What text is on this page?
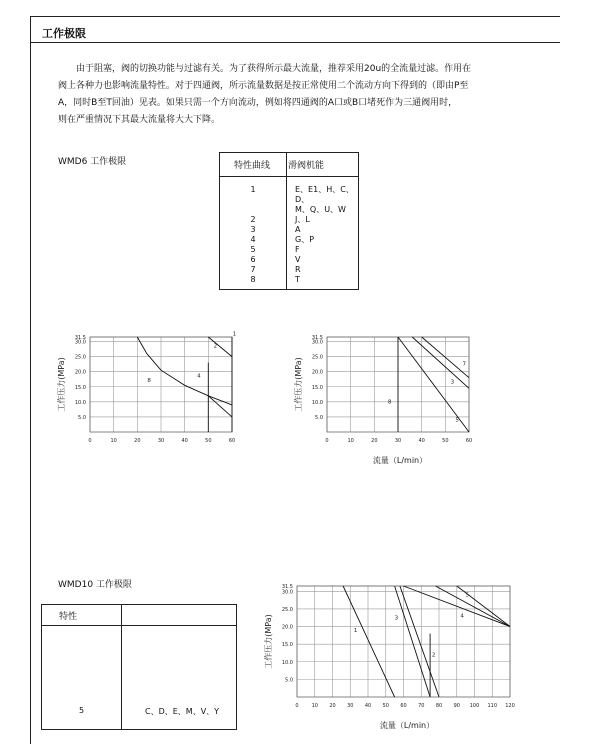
工作极限
由于阻塞，阀的切换功能与过滤有关。为了获得所示最大流量，推荐采用20u的全流量过滤。作用在
阀上各种力也影响流量特性。对于四通阀，所示流量数据是按正常使用二个流动方向下得到的（即由P至
A，同时B至T回油）见表。如果只需一个方向流动，例如将四通阀的A口或B口堵死作为三通阀用时，
则在严重情况下其最大流量将大大下降。
WMD6 工作极限	特性曲线	滑阀机能
1	E、E1、H、C、D、
	M、Q、U、W
2	J、L
3	A
4	G、P
5	F
6	V
7	R
8	T
WMD10 工作极限
特性
5	C、D、E、M、V、Y
0	10	20	30	40	50	60
5.0
10.0
15.0
20.0
25.0
30.0
31.5
工作压力(MPa)
1
2
4
8
0	10	20	30	40	50	60
5.0
10.0
15.0
20.0
25.0
30.0
31.5
工作压力(MPa)
流量（L/min）
7
3
8
5
0	10 20 30 40 50 60 70 80 90 100 110 120
5.0
10.0
15.0
20.0
25.0
30.0
31.5
工作压力(MPa)
流量（L/min）
1
3
2
4
5
